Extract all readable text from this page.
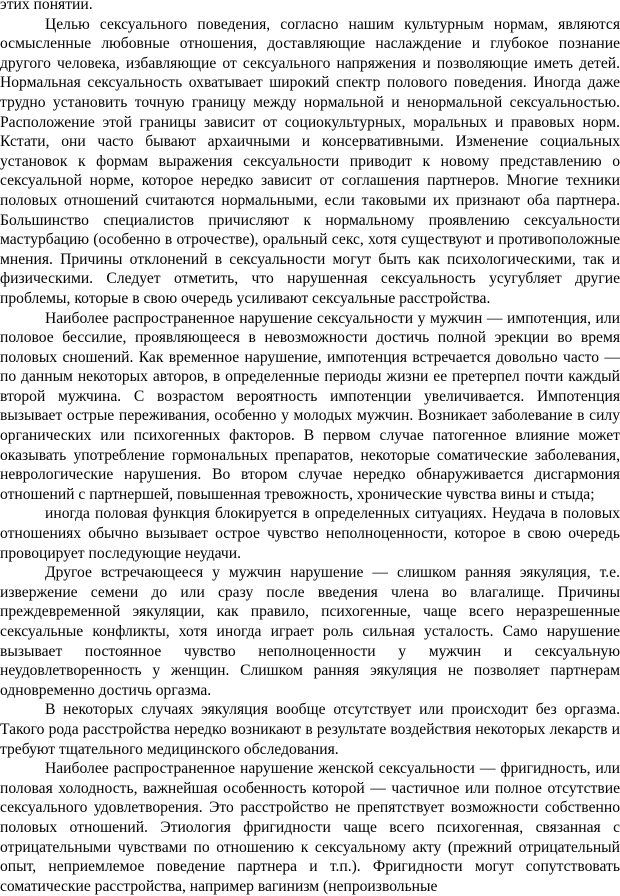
этих понятий.

Целью сексуального поведения, согласно нашим культурным нормам, являются осмысленные любовные отношения, доставляющие наслаждение и глубокое познание другого человека, избавляющие от сексуального напряжения и позволяющие иметь детей. Нормальная сексуальность охватывает широкий спектр полового поведения. Иногда даже трудно установить точную границу между нормальной и ненормальной сексуальностью. Расположение этой границы зависит от социокультурных, моральных и правовых норм. Кстати, они часто бывают архаичными и консервативными. Изменение социальных установок к формам выражения сексуальности приводит к новому представлению о сексуальной норме, которое нередко зависит от соглашения партнеров. Многие техники половых отношений считаются нормальными, если таковыми их признают оба партнера. Большинство специалистов причисляют к нормальному проявлению сексуальности мастурбацию (особенно в отрочестве), оральный секс, хотя существуют и противоположные мнения. Причины отклонений в сексуальности могут быть как психологическими, так и физическими. Следует отметить, что нарушенная сексуальность усугубляет другие проблемы, которые в свою очередь усиливают сексуальные расстройства.

Наиболее распространенное нарушение сексуальности у мужчин — импотенция, или половое бессилие, проявляющееся в невозможности достичь полной эрекции во время половых сношений. Как временное нарушение, импотенция встречается довольно часто — по данным некоторых авторов, в определенные периоды жизни ее претерпел почти каждый второй мужчина. С возрастом вероятность импотенции увеличивается. Импотенция вызывает острые переживания, особенно у молодых мужчин. Возникает заболевание в силу органических или психогенных факторов. В первом случае патогенное влияние может оказывать употребление гормональных препаратов, некоторые соматические заболевания, неврологические нарушения. Во втором случае нередко обнаруживается дисгармония отношений с партнершей, повышенная тревожность, хронические чувства вины и стыда;

иногда половая функция блокируется в определенных ситуациях. Неудача в половых отношениях обычно вызывает острое чувство неполноценности, которое в свою очередь провоцирует последующие неудачи.

Другое встречающееся у мужчин нарушение — слишком ранняя эякуляция, т.е. извержение семени до или сразу после введения члена во влагалище. Причины преждевременной эякуляции, как правило, психогенные, чаще всего неразрешенные сексуальные конфликты, хотя иногда играет роль сильная усталость. Само нарушение вызывает постоянное чувство неполноценности у мужчин и сексуальную неудовлетворенность у женщин. Слишком ранняя эякуляция не позволяет партнерам одновременно достичь оргазма.

В некоторых случаях эякуляция вообще отсутствует или происходит без оргазма. Такого рода расстройства нередко возникают в результате воздействия некоторых лекарств и требуют тщательного медицинского обследования.

Наиболее распространенное нарушение женской сексуальности — фригидность, или половая холодность, важнейшая особенность которой — частичное или полное отсутствие сексуального удовлетворения. Это расстройство не препятствует возможности собственно половых отношений. Этиология фригидности чаще всего психогенная, связанная с отрицательными чувствами по отношению к сексуальному акту (прежний отрицательный опыт, неприемлемое поведение партнера и т.п.). Фригидности могут сопутствовать соматические расстройства, например вагинизм (непроизвольные
